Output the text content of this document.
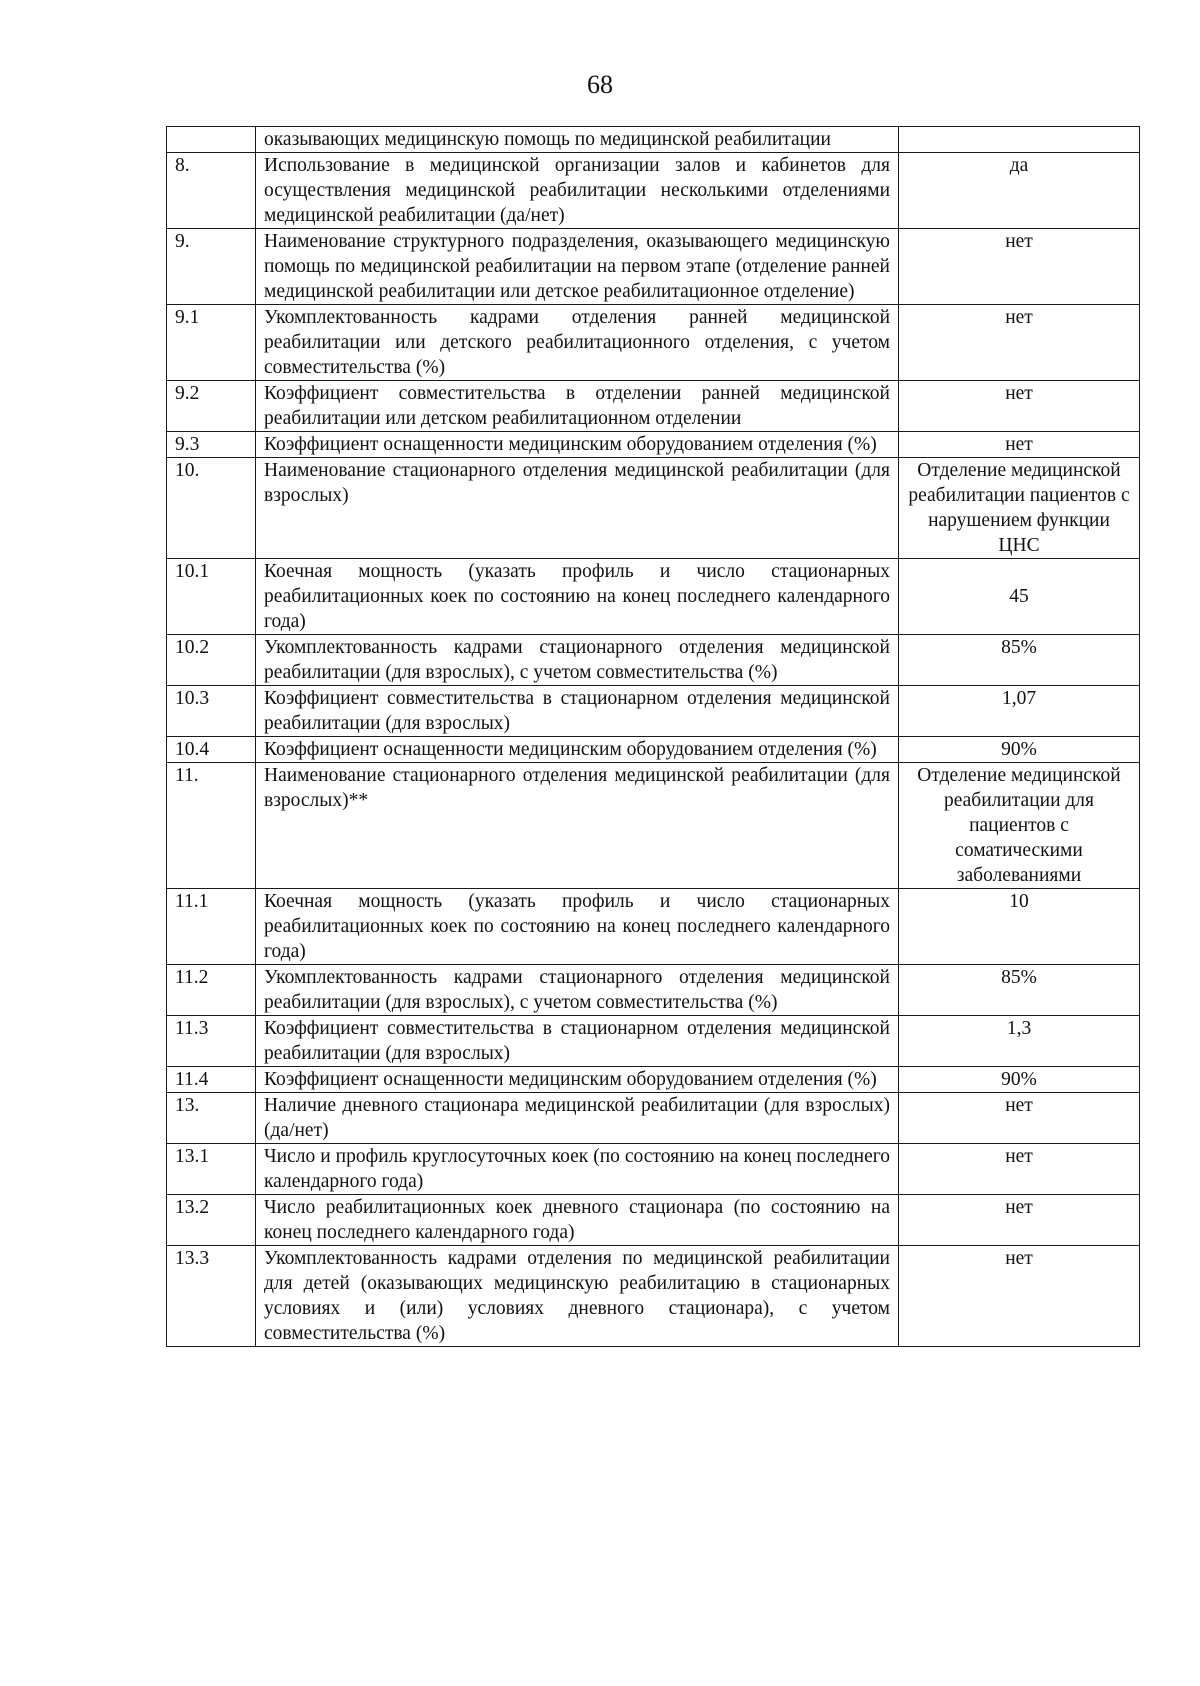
68
	оказывающих медицинскую помощь по медицинской реабилитации	
8.	Использование в медицинской организации залов и кабинетов для осуществления медицинской реабилитации несколькими отделениями медицинской реабилитации (да/нет)	да
9.	Наименование структурного подразделения, оказывающего медицинскую помощь по медицинской реабилитации на первом этапе (отделение ранней медицинской реабилитации или детское реабилитационное отделение)	нет
9.1	Укомплектованность кадрами отделения ранней медицинской реабилитации или детского реабилитационного отделения, с учетом совместительства (%)	нет
9.2	Коэффициент совместительства в отделении ранней медицинской реабилитации или детском реабилитационном отделении	нет
9.3	Коэффициент оснащенности медицинским оборудованием отделения (%)	нет
10.	Наименование стационарного отделения медицинской реабилитации (для взрослых)	Отделение медицинской реабилитации пациентов с нарушением функции ЦНС
10.1	Коечная мощность (указать профиль и число стационарных реабилитационных коек по состоянию на конец последнего календарного года)	45
10.2	Укомплектованность кадрами стационарного отделения медицинской реабилитации (для взрослых), с учетом совместительства (%)	85%
10.3	Коэффициент совместительства в стационарном отделения медицинской реабилитации (для взрослых)	1,07
10.4	Коэффициент оснащенности медицинским оборудованием отделения (%)	90%
11.	Наименование стационарного отделения медицинской реабилитации (для взрослых)**	Отделение медицинской реабилитации для пациентов с соматическими заболеваниями
11.1	Коечная мощность (указать профиль и число стационарных реабилитационных коек по состоянию на конец последнего календарного года)	10
11.2	Укомплектованность кадрами стационарного отделения медицинской реабилитации (для взрослых), с учетом совместительства (%)	85%
11.3	Коэффициент совместительства в стационарном отделения медицинской реабилитации (для взрослых)	1,3
11.4	Коэффициент оснащенности медицинским оборудованием отделения (%)	90%
13.	Наличие дневного стационара медицинской реабилитации (для взрослых) (да/нет)	нет
13.1	Число и профиль круглосуточных коек (по состоянию на конец последнего календарного года)	нет
13.2	Число реабилитационных коек дневного стационара (по состоянию на конец последнего календарного года)	нет
13.3	Укомплектованность кадрами отделения по медицинской реабилитации для детей (оказывающих медицинскую реабилитацию в стационарных условиях и (или) условиях дневного стационара), с учетом совместительства (%)	нет
